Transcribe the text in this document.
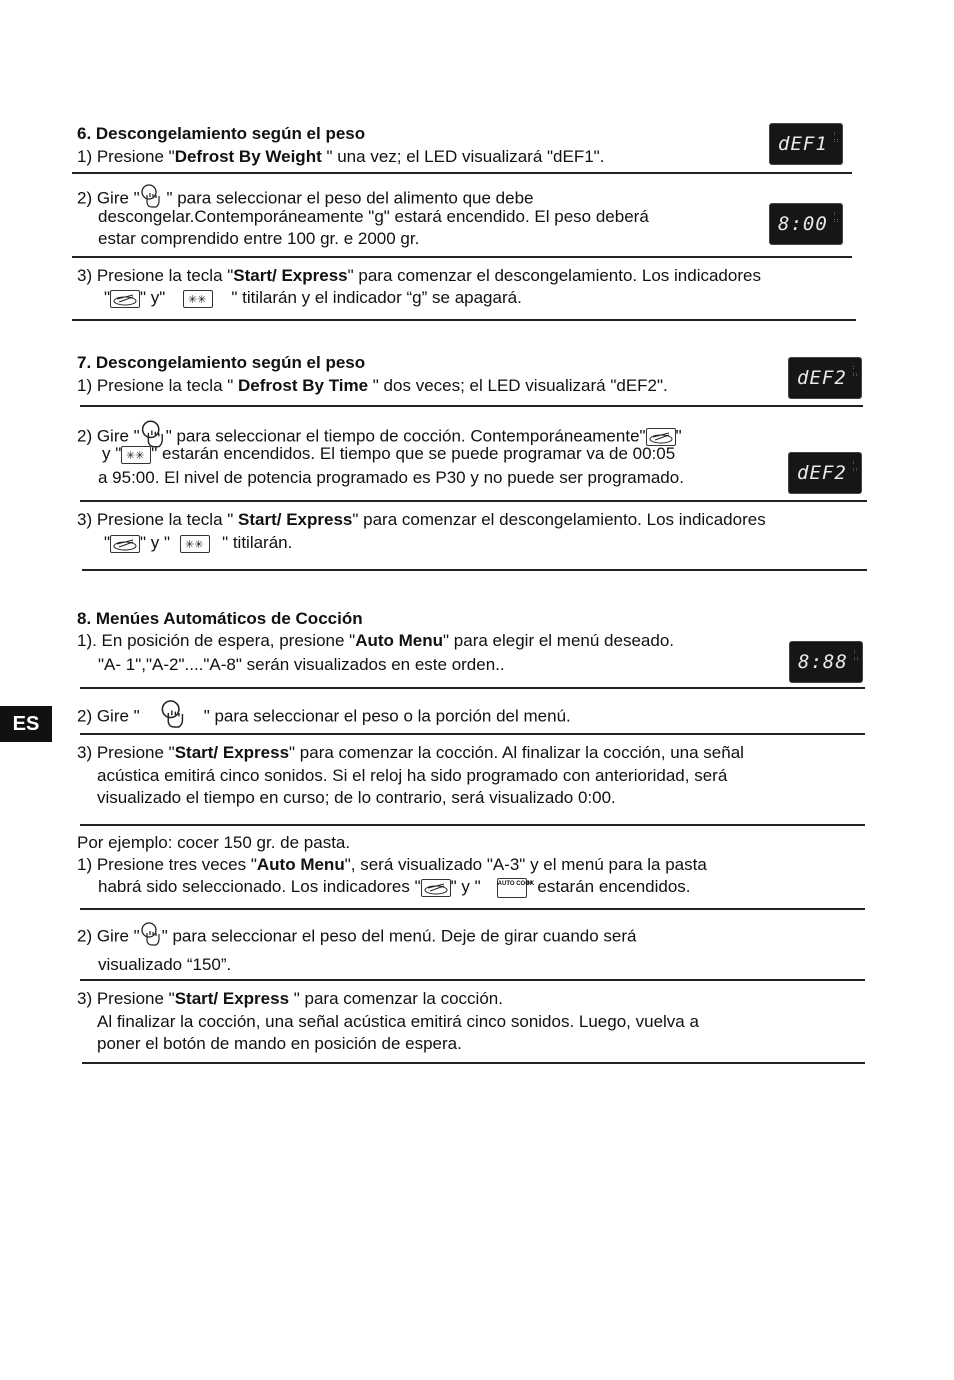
6. Descongelamiento según el peso
1) Presione "Defrost By Weight " una vez; el LED visualizará "dEF1".
dEF1 : ::
2) Gire " " para seleccionar el peso del alimento que debe
descongelar.Contemporáneamente "g" estará encendido. El peso deberá
estar comprendido entre 100 gr. e 2000 gr.
8:00 : ::
3) Presione la tecla "Start/ Express" para comenzar el descongelamiento. Los indicadores
" " y" ✳✳ " titilarán y el indicador “g” se apagará.
7. Descongelamiento según el peso
1) Presione la tecla " Defrost By Time " dos veces; el LED visualizará "dEF2".	dEF2 : ::
2) Gire " " para seleccionar el tiempo de cocción. Contemporáneamente" "
y " ✳✳ " estarán encendidos. El tiempo que se puede programar va de 00:05
a 95:00. El nivel de potencia programado es P30 y no puede ser programado.	dEF2 : ::
3) Presione la tecla " Start/ Express" para comenzar el descongelamiento. Los indicadores
" " y " ✳✳ " titilarán.
8. Menúes Automáticos de Cocción
1). En posición de espera, presione "Auto Menu" para elegir el menú deseado.
"A- 1","A-2"...."A-8" serán visualizados en este orden..	8:88 : ::
ES	2) Gire "	" para seleccionar el peso o la porción del menú.
3) Presione "Start/ Express" para comenzar la cocción. Al finalizar la cocción, una señal
acústica emitirá cinco sonidos. Si el reloj ha sido programado con anterioridad, será
visualizado el tiempo en curso; de lo contrario, será visualizado 0:00.
Por ejemplo: cocer 150 gr. de pasta.
1) Presione tres veces "Auto Menu", será visualizado "A-3" y el menú para la pasta
habrá sido seleccionado. Los indicadores " " y "	AUTO COOK" estarán encendidos.
2) Gire " " para seleccionar el peso del menú. Deje de girar cuando será
visualizado “150”.
3) Presione "Start/ Express " para comenzar la cocción.
Al finalizar la cocción, una señal acústica emitirá cinco sonidos. Luego, vuelva a
poner el botón de mando en posición de espera.
